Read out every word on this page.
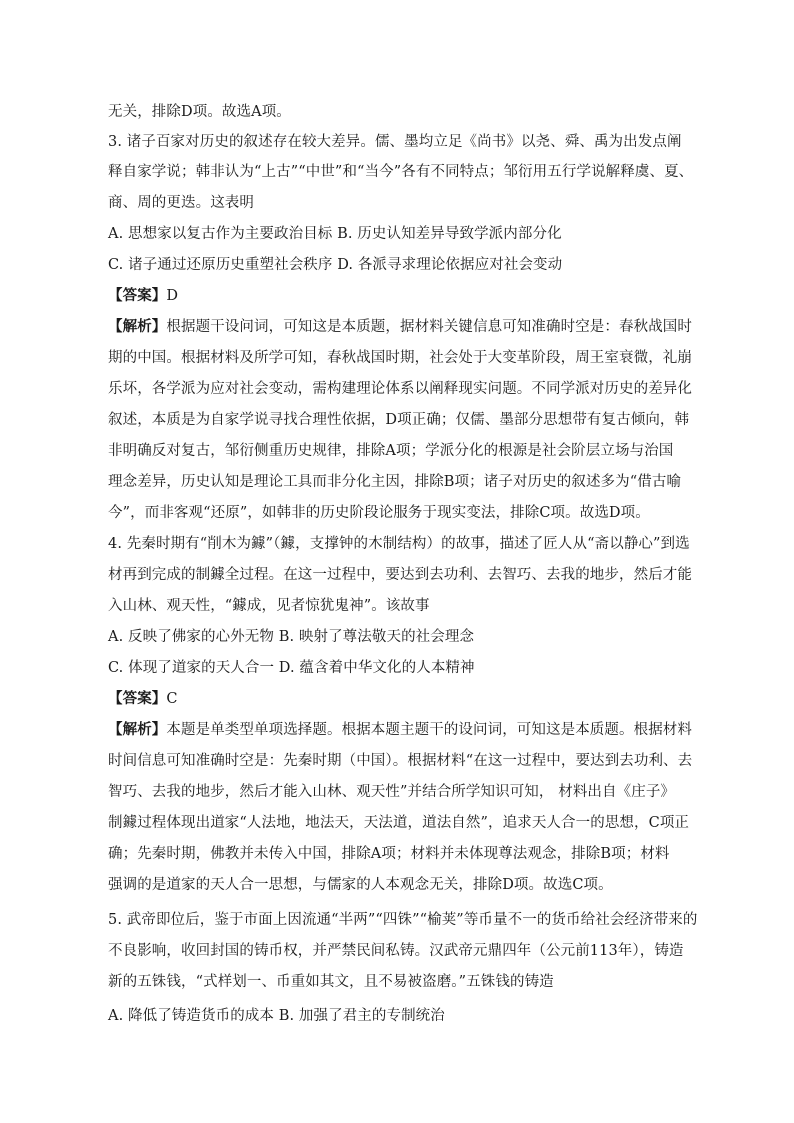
无关，排除D项。故选A项。
3. 诸子百家对历史的叙述存在较大差异。儒、墨均立足《尚书》以尧、舜、禹为出发点阐
释自家学说；韩非认为“上古”“中世”和“当今”各有不同特点；邹衍用五行学说解释虞、夏、
商、周的更迭。这表明
A. 思想家以复古作为主要政治目标 B. 历史认知差异导致学派内部分化
C. 诸子通过还原历史重塑社会秩序 D. 各派寻求理论依据应对社会变动
【答案】D
【解析】根据题干设问词，可知这是本质题，据材料关键信息可知准确时空是：春秋战国时
期的中国。根据材料及所学可知，春秋战国时期，社会处于大变革阶段，周王室衰微，礼崩
乐坏，各学派为应对社会变动，需构建理论体系以阐释现实问题。不同学派对历史的差异化
叙述，本质是为自家学说寻找合理性依据，D项正确；仅儒、墨部分思想带有复古倾向，韩
非明确反对复古，邹衍侧重历史规律，排除A项；学派分化的根源是社会阶层立场与治国
理念差异，历史认知是理论工具而非分化主因，排除B项；诸子对历史的叙述多为“借古喻
今”，而非客观“还原”，如韩非的历史阶段论服务于现实变法，排除C项。故选D项。
4. 先秦时期有“削木为鐻”（鐻，支撑钟的木制结构）的故事，描述了匠人从“斋以静心”到选
材再到完成的制鐻全过程。在这一过程中，要达到去功利、去智巧、去我的地步，然后才能
入山林、观天性，“鐻成，见者惊犹鬼神”。该故事
A. 反映了佛家的心外无物 B. 映射了尊法敬天的社会理念
C. 体现了道家的天人合一 D. 蕴含着中华文化的人本精神
【答案】C
【解析】本题是单类型单项选择题。根据本题主题干的设问词，可知这是本质题。根据材料
时间信息可知准确时空是：先秦时期（中国）。根据材料“在这一过程中，要达到去功利、去
智巧、去我的地步，然后才能入山林、观天性”并结合所学知识可知， 材料出自《庄子》
制鐻过程体现出道家“人法地，地法天，天法道，道法自然”，追求天人合一的思想，C项正
确；先秦时期，佛教并未传入中国，排除A项；材料并未体现尊法观念，排除B项；材料
强调的是道家的天人合一思想，与儒家的人本观念无关，排除D项。故选C项。
5. 武帝即位后，鉴于市面上因流通“半两”“四铢”“榆荚”等币量不一的货币给社会经济带来的
不良影响，收回封国的铸币权，并严禁民间私铸。汉武帝元鼎四年（公元前113年），铸造
新的五铢钱，“式样划一、币重如其文，且不易被盗磨。”五铢钱的铸造
A. 降低了铸造货币的成本 B. 加强了君主的专制统治
